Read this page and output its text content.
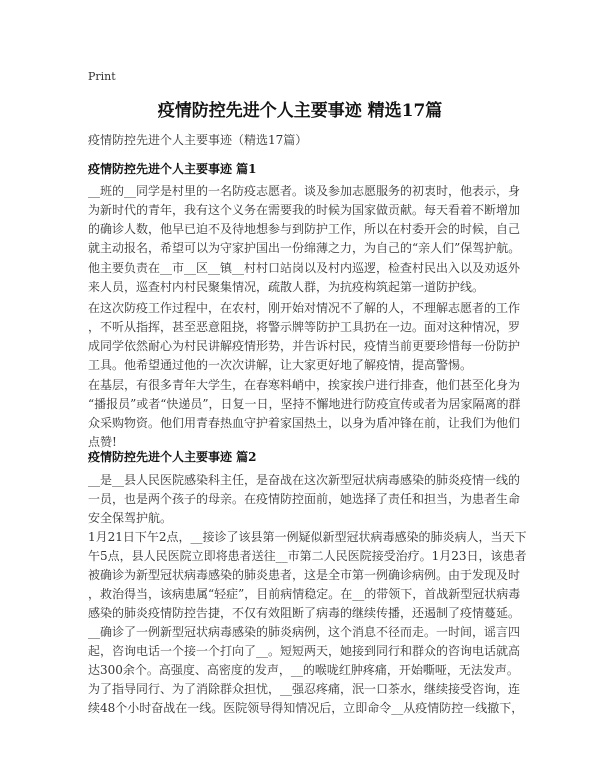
Print
疫情防控先进个人主要事迹 精选17篇

疫情防控先进个人主要事迹（精选17篇）

疫情防控先进个人主要事迹 篇1

__班的__同学是村里的一名防疫志愿者。谈及参加志愿服务的初衷时，他表示，身
为新时代的青年，我有这个义务在需要我的时候为国家做贡献。每天看着不断增加
的确诊人数，他早已迫不及待地想参与到防护工作，所以在村委开会的时候，自己
就主动报名，希望可以为守家护国出一份绵薄之力，为自己的“亲人们”保驾护航。

他主要负责在__市__区__镇__村村口站岗以及村内巡逻，检查村民出入以及劝返外
来人员，巡查村内村民聚集情况，疏散人群，为抗疫构筑起第一道防护线。

在这次防疫工作过程中，在农村，刚开始对情况不了解的人，不理解志愿者的工作
，不听从指挥，甚至恶意阻挠，将警示牌等防护工具扔在一边。面对这种情况，罗
成同学依然耐心为村民讲解疫情形势，并告诉村民，疫情当前更要珍惜每一份防护
工具。他希望通过他的一次次讲解，让大家更好地了解疫情，提高警惕。

在基层，有很多青年大学生，在春寒料峭中，挨家挨户进行排查，他们甚至化身为
“播报员”或者“快递员”，日复一日，坚持不懈地进行防疫宣传或者为居家隔离的群
众采购物资。他们用青春热血守护着家国热土，以身为盾冲锋在前，让我们为他们
点赞!

疫情防控先进个人主要事迹 篇2

__是__县人民医院感染科主任，是奋战在这次新型冠状病毒感染的肺炎疫情一线的
一员，也是两个孩子的母亲。在疫情防控面前，她选择了责任和担当，为患者生命
安全保驾护航。

1月21日下午2点，__接诊了该县第一例疑似新型冠状病毒感染的肺炎病人，当天下
午5点，县人民医院立即将患者送往__市第二人民医院接受治疗。1月23日，该患者
被确诊为新型冠状病毒感染的肺炎患者，这是全市第一例确诊病例。由于发现及时
，救治得当，该病患属“轻症”，目前病情稳定。在__的带领下，首战新型冠状病毒
感染的肺炎疫情防控告捷，不仅有效阻断了病毒的继续传播，还遏制了疫情蔓延。

__确诊了一例新型冠状病毒感染的肺炎病例，这个消息不径而走。一时间，谣言四
起，咨询电话一个接一个打向了__。短短两天，她接到同行和群众的咨询电话就高
达300余个。高强度、高密度的发声，__的喉咙红肿疼痛，开始嘶哑，无法发声。
为了指导同行、为了消除群众担忧，__强忍疼痛，泯一口茶水，继续接受咨询，连
续48个小时奋战在一线。医院领导得知情况后，立即命令__从疫情防控一线撤下，
